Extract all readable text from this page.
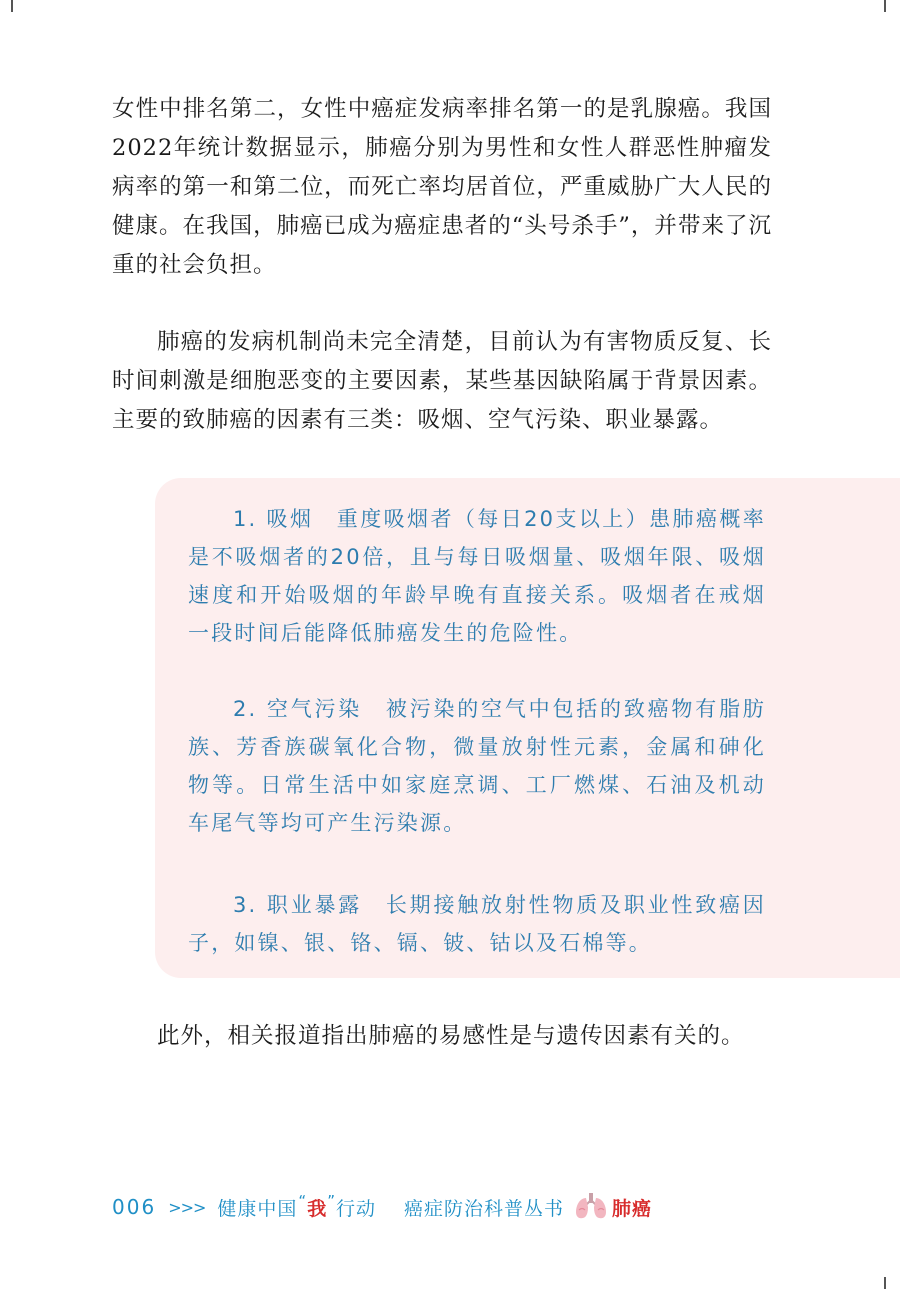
女性中排名第二，女性中癌症发病率排名第一的是乳腺癌。我国2022年统计数据显示，肺癌分别为男性和女性人群恶性肿瘤发病率的第一和第二位，而死亡率均居首位，严重威胁广大人民的健康。在我国，肺癌已成为癌症患者的“头号杀手”，并带来了沉重的社会负担。

肺癌的发病机制尚未完全清楚，目前认为有害物质反复、长时间刺激是细胞恶变的主要因素，某些基因缺陷属于背景因素。主要的致肺癌的因素有三类：吸烟、空气污染、职业暴露。

1. 吸烟　重度吸烟者（每日20支以上）患肺癌概率是不吸烟者的20倍，且与每日吸烟量、吸烟年限、吸烟速度和开始吸烟的年龄早晚有直接关系。吸烟者在戒烟一段时间后能降低肺癌发生的危险性。

2. 空气污染　被污染的空气中包括的致癌物有脂肪族、芳香族碳氧化合物，微量放射性元素，金属和砷化物等。日常生活中如家庭烹调、工厂燃煤、石油及机动车尾气等均可产生污染源。

3. 职业暴露　长期接触放射性物质及职业性致癌因子，如镍、银、铬、镉、铍、钴以及石棉等。

此外，相关报道指出肺癌的易感性是与遗传因素有关的。

006 >>> 健康中国 “ 我 ” 行动 癌症防治科普丛书	肺癌
